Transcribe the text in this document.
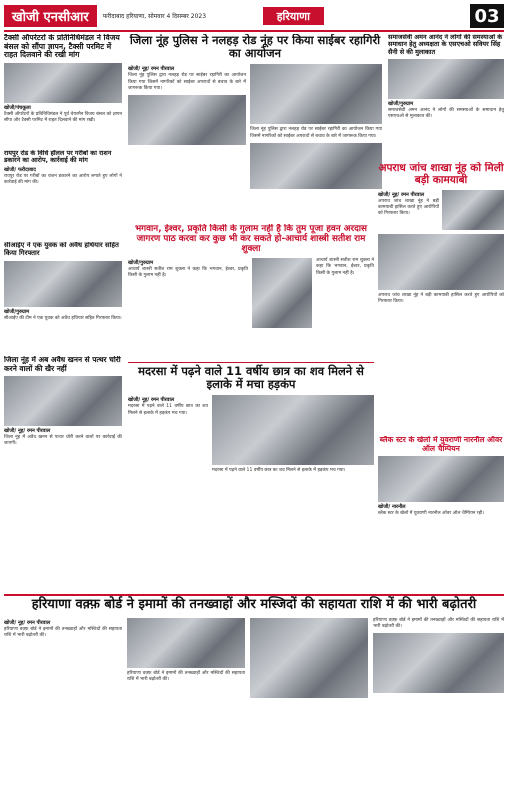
खोजी एनसीआर	फरीदाबाद हरियाणा, सोमवार 4 दिसम्बर 2023	हरियाणा	03
टैक्सी ऑपरेटरों के प्रतिनिधिमंडल ने विजय बंसल को सौंपा ज्ञापन, टैक्सी परमिट में राहत दिलवाने की रखी मांग
खोजी/पंचकूला
टैक्सी ऑपरेटरों के प्रतिनिधिमंडल ने पूर्व चेयरमैन विजय बंसल को ज्ञापन सौंपा और टैक्सी परमिट में राहत दिलवाने की मांग रखी।
जिला नूंह पुलिस ने नलहड़ रोड नूंह पर किया साईबर रहागिरी का आयोजन
खोजी/ नूह/ रमन पीरवाल
जिला नूंह पुलिस द्वारा नलहड़ रोड पर साईबर रहागिरी का आयोजन किया गया जिसमें नागरिकों को साईबर अपराधों से बचाव के बारे में जागरूक किया गया।
जिला नूंह पुलिस द्वारा नलहड़ रोड पर साईबर रहागिरी का आयोजन किया गया जिसमें नागरिकों को साईबर अपराधों से बचाव के बारे में जागरूक किया गया।
समाजसेवी अमन आनंद ने लोगों की समस्याओं के समाधान हेतु अध्यक्षता के एसएचओ सवियर सिंह सैनी से की मुलाकात
खोजी/गुरुग्राम
समाजसेवी अमन आनंद ने लोगों की समस्याओं के समाधान हेतु एसएचओ से मुलाकात की।
रायपुर रोड के विधि हॉलल पर गरीबों का राशन डकारने का आरोप, कार्रवाई की मांग
खोजी/ फरीदाबाद
रायपुर रोड पर गरीबों का राशन डकारने का आरोप लगाते हुए लोगों ने कार्रवाई की मांग की।
सीआईए ने एक युवक को अवैध हथियार सहित किया गिरफ्तार
खोजी/गुरुग्राम
सीआईए की टीम ने एक युवक को अवैध हथियार सहित गिरफ्तार किया।
भगवान, ईश्वर, प्रकृति किसी के गुलाम नहीं है कि तुम पूजा हवन अरदास जागरण पाठ करवा कर कुछ भी कर सकते हो-आचार्य शास्त्री सतीश राम शुक्ला
खोजी/गुरुग्राम
आचार्य शास्त्री सतीश राम शुक्ला ने कहा कि भगवान, ईश्वर, प्रकृति किसी के गुलाम नहीं है।
आचार्य शास्त्री सतीश राम शुक्ला ने कहा कि भगवान, ईश्वर, प्रकृति किसी के गुलाम नहीं है।
अपराध जांच शाखा नूंह को मिली बड़ी कामयाबी
खोजी/ नूह/ रमन पीरवाल
अपराध जांच शाखा नूंह ने बड़ी कामयाबी हासिल करते हुए आरोपियों को गिरफ्तार किया।
अपराध जांच शाखा नूंह ने बड़ी कामयाबी हासिल करते हुए आरोपियों को गिरफ्तार किया।
मदरसा में पढ़ने वाले 11 वर्षीय छात्र का शव मिलने से इलाके में मचा हड़कंप
खोजी/ नूह/ रमन पीरवाल
मदरसा में पढ़ने वाले 11 वर्षीय छात्र का शव मिलने से इलाके में हड़कंप मच गया।
मदरसा में पढ़ने वाले 11 वर्षीय छात्र का शव मिलने से इलाके में हड़कंप मच गया।
जिला नूंह में अब अवैध खनन से पत्थर चोरी करने वालों की खैर नहीं
खोजी/ नूह/ रमन पीरवाल
जिला नूंह में अवैध खनन से पत्थर चोरी करने वालों पर कार्रवाई की जाएगी।	ब्लैक स्टर के खेलों में युवराणी नारनौल ऑवर ऑल चैम्पियन
खोजी/ नारनौल
ब्लैक स्टर के खेलों में युवराणी नारनौल ऑवर ऑल चैम्पियन रही।
हरियाणा वक़्फ़ बोर्ड ने इमामों की तनख्वाहों और मस्जिदों की सहायता राशि में की भारी बढ़ोतरी
खोजी/ नूह/ रमन पीरवाल
हरियाणा वक़्फ़ बोर्ड ने इमामों की तनख्वाहों और मस्जिदों की सहायता राशि में भारी बढ़ोतरी की।
हरियाणा वक़्फ़ बोर्ड ने इमामों की तनख्वाहों और मस्जिदों की सहायता राशि में भारी बढ़ोतरी की।
हरियाणा वक़्फ़ बोर्ड ने इमामों की तनख्वाहों और मस्जिदों की सहायता राशि में भारी बढ़ोतरी की।
